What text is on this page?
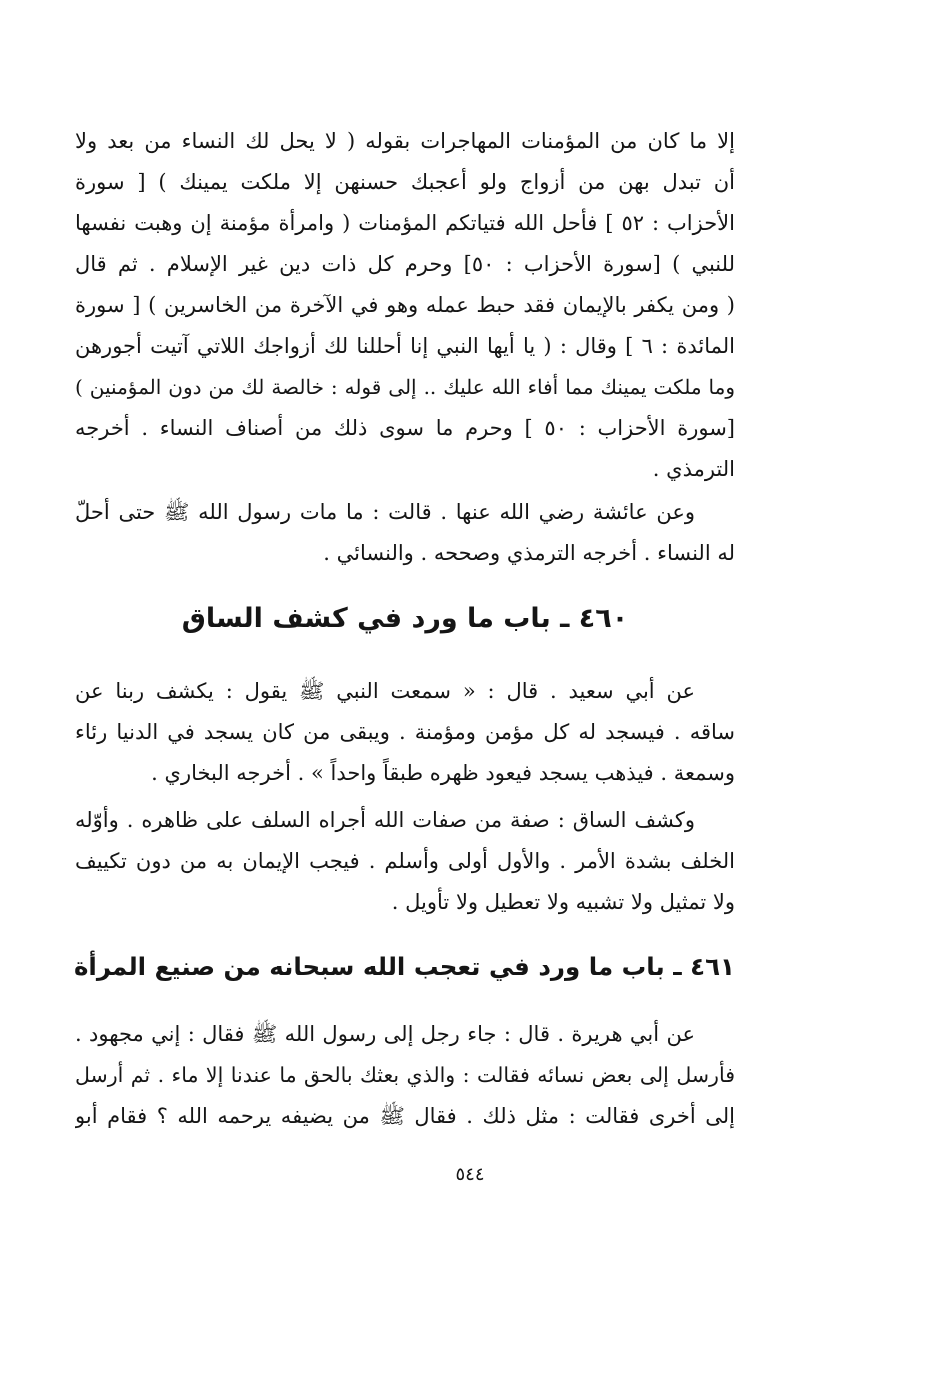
إلا ما كان من المؤمنات المهاجرات بقوله ( لا يحل لك النساء من بعد ولا
أن تبدل بهن من أزواج ولو أعجبك حسنهن إلا ملكت يمينك ) [ سورة
الأحزاب : ٥٢ ] فأحل الله فتياتكم المؤمنات ( وامرأة مؤمنة إن وهبت نفسها
للنبي ) [سورة الأحزاب : ٥٠] وحرم كل ذات دين غير الإسلام . ثم قال
( ومن يكفر بالإيمان فقد حبط عمله وهو في الآخرة من الخاسرين ) [ سورة
المائدة : ٦ ] وقال : ( يا أيها النبي إنا أحللنا لك أزواجك اللاتي آتيت أجورهن
وما ملكت يمينك مما أفاء الله عليك .. إلى قوله : خالصة لك من دون المؤمنين )
[سورة الأحزاب : ٥٠ ] وحرم ما سوى ذلك من أصناف النساء . أخرجه
الترمذي .
وعن عائشة رضي الله عنها . قالت : ما مات رسول الله ﷺ حتى أحلّ
له النساء . أخرجه الترمذي وصححه . والنسائي .
٤٦٠ ـ باب ما ورد في كشف الساق
عن أبي سعيد . قال : « سمعت النبي ﷺ يقول : يكشف ربنا عن
ساقه . فيسجد له كل مؤمن ومؤمنة . ويبقى من كان يسجد في الدنيا رئاء
وسمعة . فيذهب يسجد فيعود ظهره طبقاً واحداً » . أخرجه البخاري .
وكشف الساق : صفة من صفات الله أجراه السلف على ظاهره . وأوّله
الخلف بشدة الأمر . والأول أولى وأسلم . فيجب الإيمان به من دون تكييف
ولا تمثيل ولا تشبيه ولا تعطيل ولا تأويل .
٤٦١ ـ باب ما ورد في تعجب الله سبحانه من صنيع المرأة
عن أبي هريرة . قال : جاء رجل إلى رسول الله ﷺ فقال : إني مجهود .
فأرسل إلى بعض نسائه فقالت : والذي بعثك بالحق ما عندنا إلا ماء . ثم أرسل
إلى أخرى فقالت : مثل ذلك . فقال ﷺ من يضيفه يرحمه الله ؟ فقام أبو
٥٤٤
